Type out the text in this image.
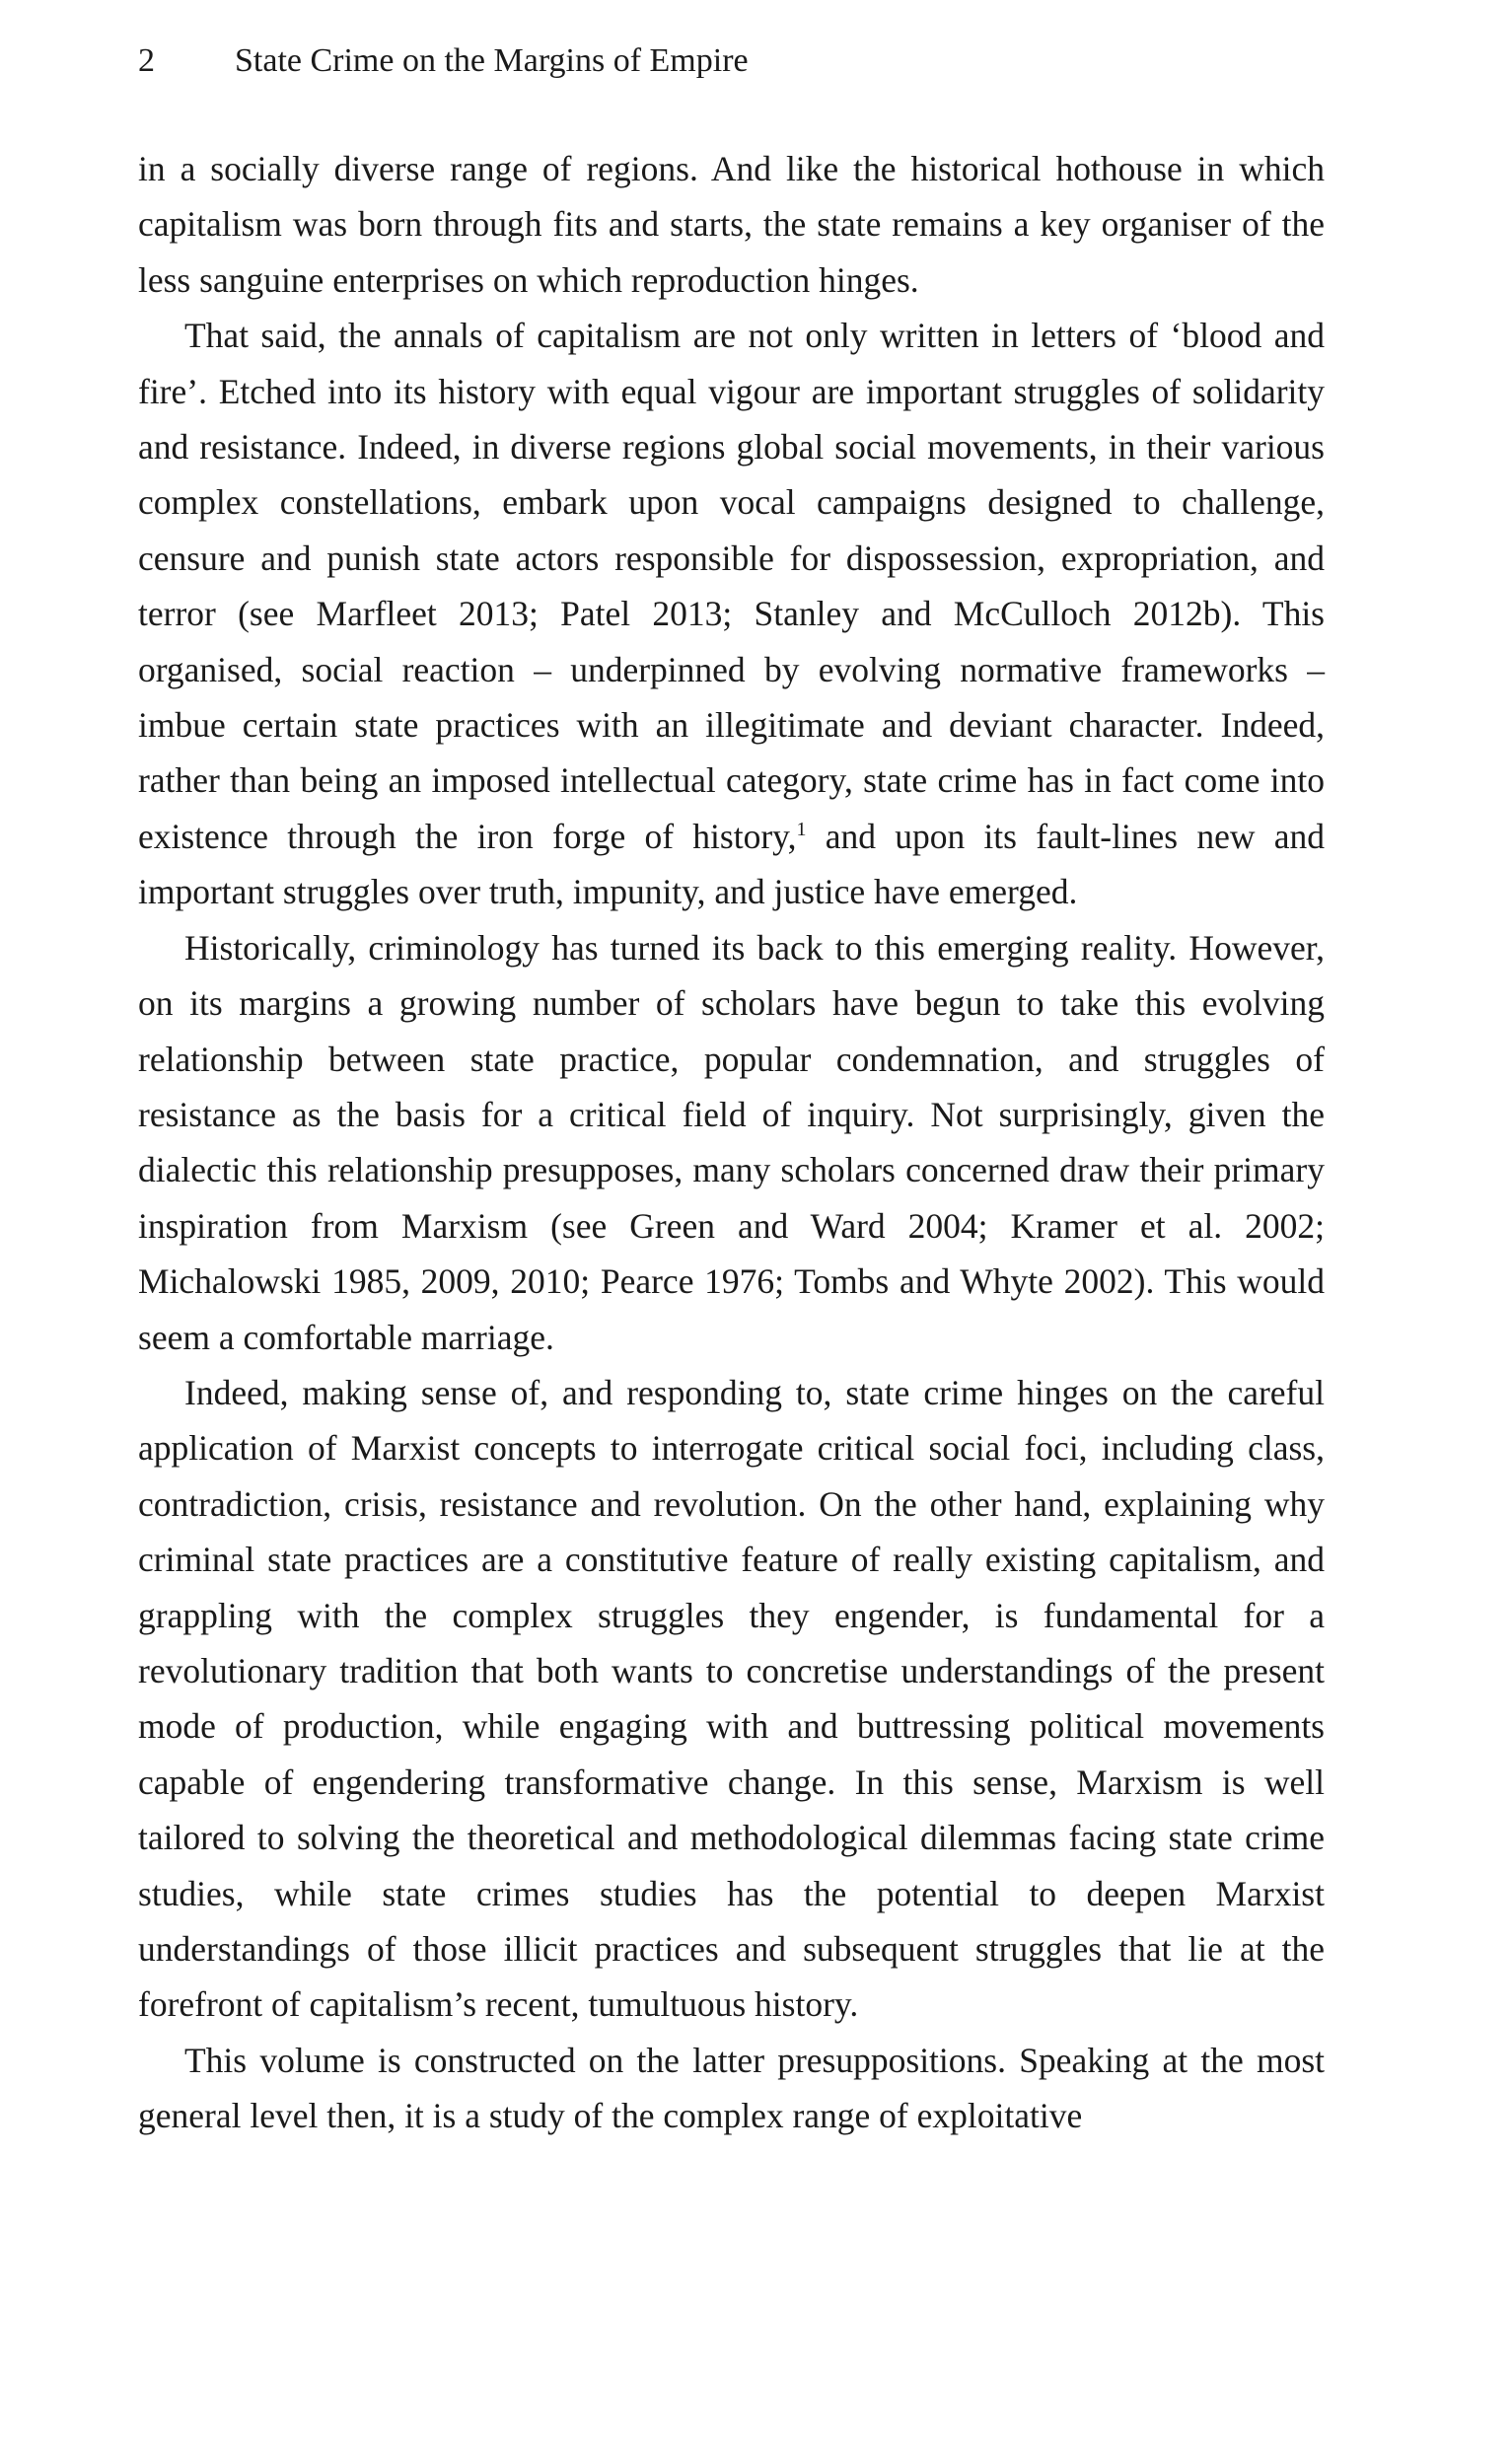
2 State Crime on the Margins of Empire

in a socially diverse range of regions. And like the historical hothouse in which capitalism was born through fits and starts, the state remains a key organiser of the less sanguine enterprises on which reproduction hinges.

That said, the annals of capitalism are not only written in letters of ‘blood and fire’. Etched into its history with equal vigour are important struggles of solidarity and resistance. Indeed, in diverse regions global social movements, in their various complex constellations, embark upon vocal campaigns designed to challenge, censure and punish state actors responsible for dispossession, expropriation, and terror (see Marfleet 2013; Patel 2013; Stanley and McCulloch 2012b). This organised, social reaction – underpinned by evolving normative frameworks – imbue certain state practices with an illegitimate and deviant character. Indeed, rather than being an imposed intellectual category, state crime has in fact come into existence through the iron forge of history,$^1$ and upon its fault-lines new and important struggles over truth, impunity, and justice have emerged.

Historically, criminology has turned its back to this emerging reality. However, on its margins a growing number of scholars have begun to take this evolving relationship between state practice, popular condemnation, and struggles of resistance as the basis for a critical field of inquiry. Not surprisingly, given the dialectic this relationship presupposes, many scholars concerned draw their primary inspiration from Marxism (see Green and Ward 2004; Kramer et al. 2002; Michalowski 1985, 2009, 2010; Pearce 1976; Tombs and Whyte 2002). This would seem a comfortable marriage.

Indeed, making sense of, and responding to, state crime hinges on the careful application of Marxist concepts to interrogate critical social foci, including class, contradiction, crisis, resistance and revolution. On the other hand, explaining why criminal state practices are a constitutive feature of really existing capitalism, and grappling with the complex struggles they engender, is fundamental for a revolutionary tradition that both wants to concretise understandings of the present mode of production, while engaging with and buttressing political movements capable of engendering transformative change. In this sense, Marxism is well tailored to solving the theoretical and methodological dilemmas facing state crime studies, while state crimes studies has the potential to deepen Marxist understandings of those illicit practices and subsequent struggles that lie at the forefront of capitalism’s recent, tumultuous history.

This volume is constructed on the latter presuppositions. Speaking at the most general level then, it is a study of the complex range of exploitative
